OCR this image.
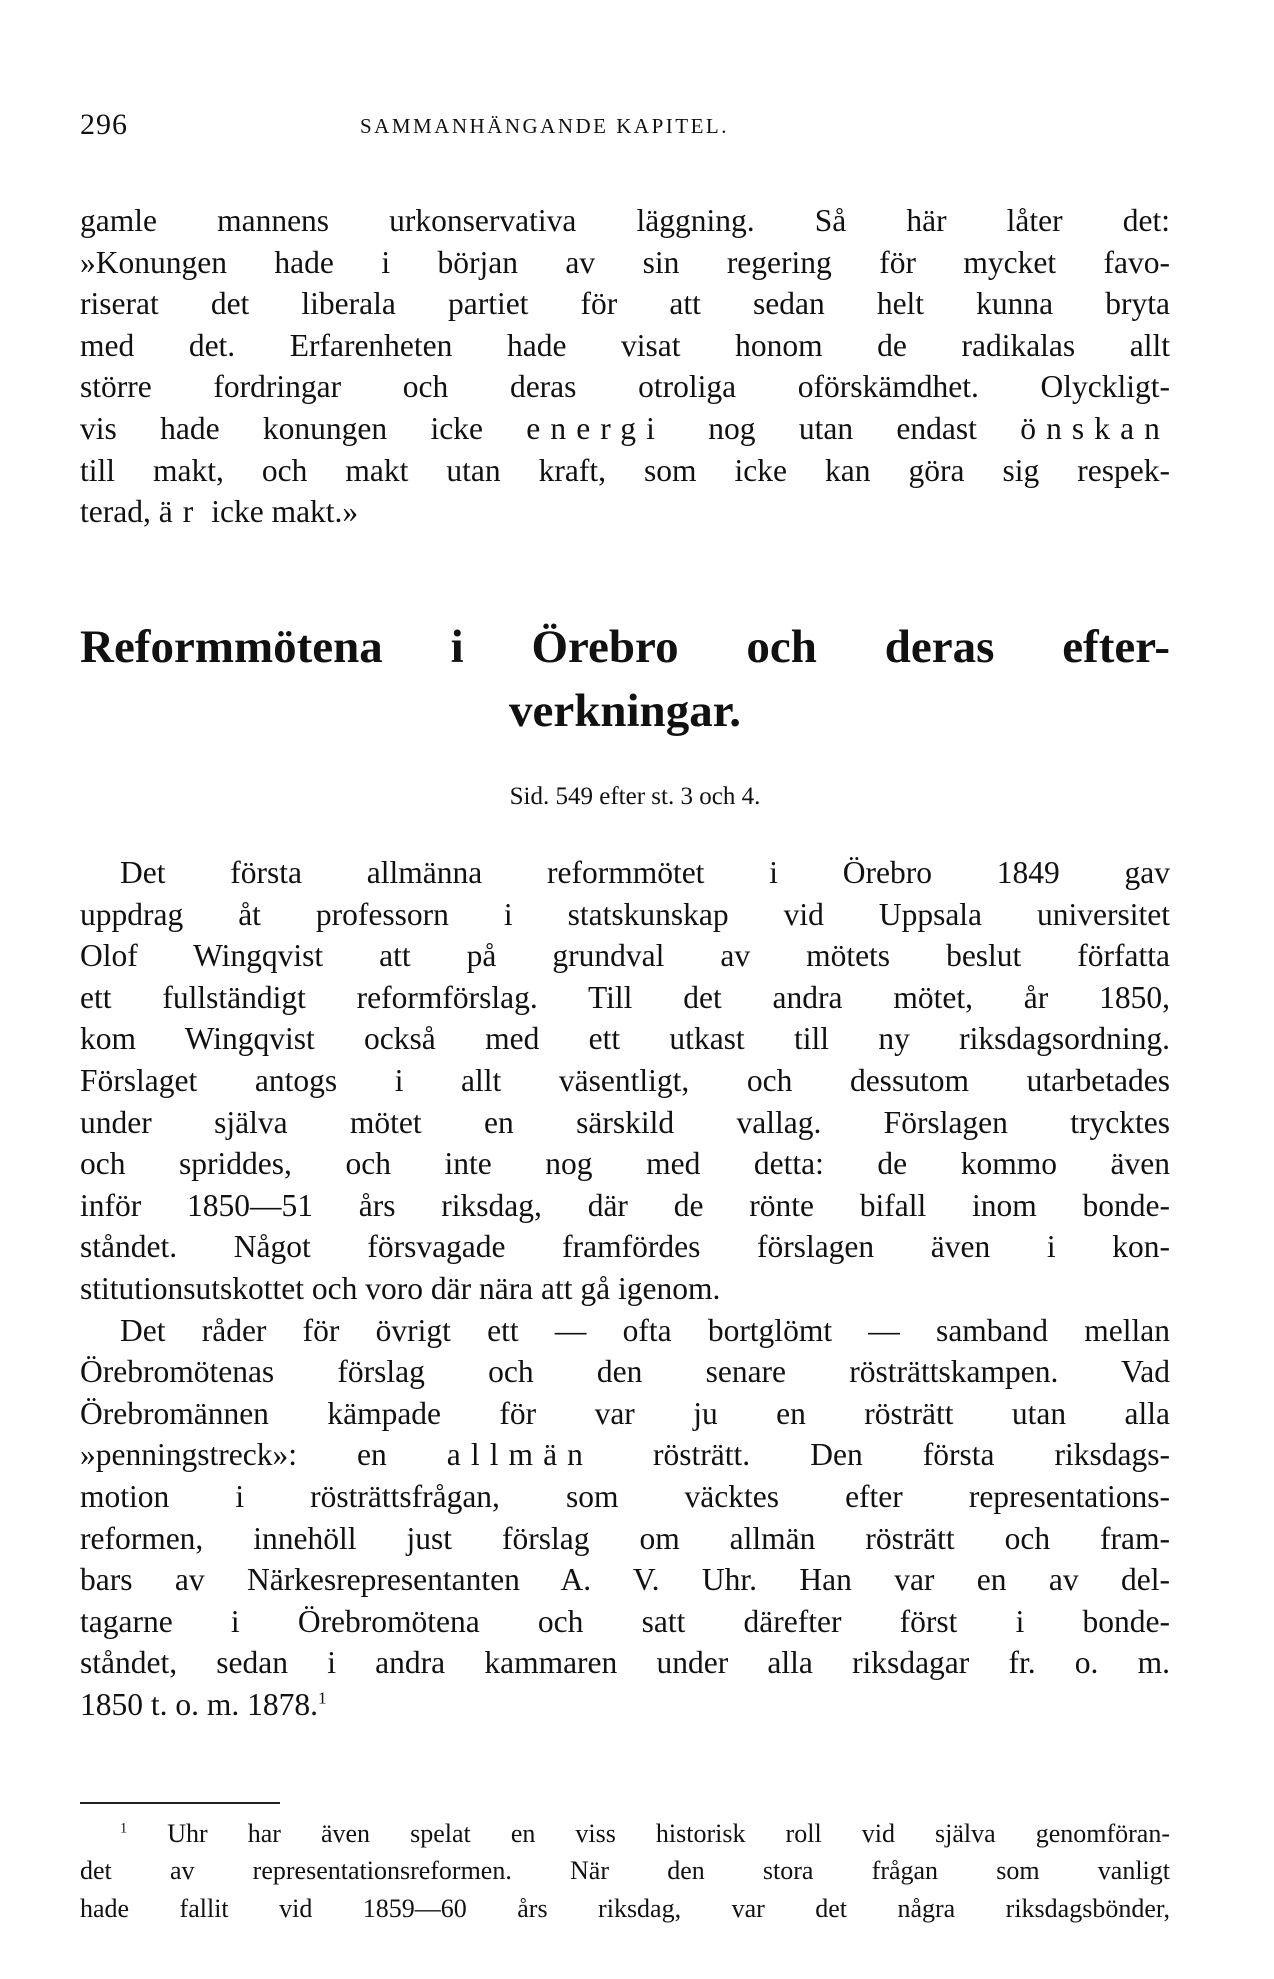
296	SAMMANHÄNGANDE KAPITEL.
gamle mannens urkonservativa läggning. Så här låter det:
»Konungen hade i början av sin regering för mycket favo-
riserat det liberala partiet för att sedan helt kunna bryta
med det. Erfarenheten hade visat honom de radikalas allt
större fordringar och deras otroliga oförskämdhet. Olyckligt-
vis hade konungen icke energi nog utan endast önskan
till makt, och makt utan kraft, som icke kan göra sig respek-
terad, är icke makt.»
Reformmötena i Örebro och deras efter-
verkningar.
Sid. 549 efter st. 3 och 4.
Det första allmänna reformmötet i Örebro 1849 gav
uppdrag åt professorn i statskunskap vid Uppsala universitet
Olof Wingqvist att på grundval av mötets beslut författa
ett fullständigt reformförslag. Till det andra mötet, år 1850,
kom Wingqvist också med ett utkast till ny riksdagsordning.
Förslaget antogs i allt väsentligt, och dessutom utarbetades
under själva mötet en särskild vallag. Förslagen trycktes
och spriddes, och inte nog med detta: de kommo även
inför 1850—51 års riksdag, där de rönte bifall inom bonde-
ståndet. Något försvagade framfördes förslagen även i kon-
stitutionsutskottet och voro där nära att gå igenom.
Det råder för övrigt ett — ofta bortglömt — samband mellan
Örebromötenas förslag och den senare rösträttskampen. Vad
Örebromännen kämpade för var ju en rösträtt utan alla
»penningstreck»: en allmän rösträtt. Den första riksdags-
motion i rösträttsfrågan, som väcktes efter representations-
reformen, innehöll just förslag om allmän rösträtt och fram-
bars av Närkesrepresentanten A. V. Uhr. Han var en av del-
tagarne i Örebromötena och satt därefter först i bonde-
ståndet, sedan i andra kammaren under alla riksdagar fr. o. m.
1850 t. o. m. 1878.$^1$
$^1$ Uhr har även spelat en viss historisk roll vid själva genomföran-
det av representationsreformen. När den stora frågan som vanligt
hade fallit vid 1859—60 års riksdag, var det några riksdagsbönder,
